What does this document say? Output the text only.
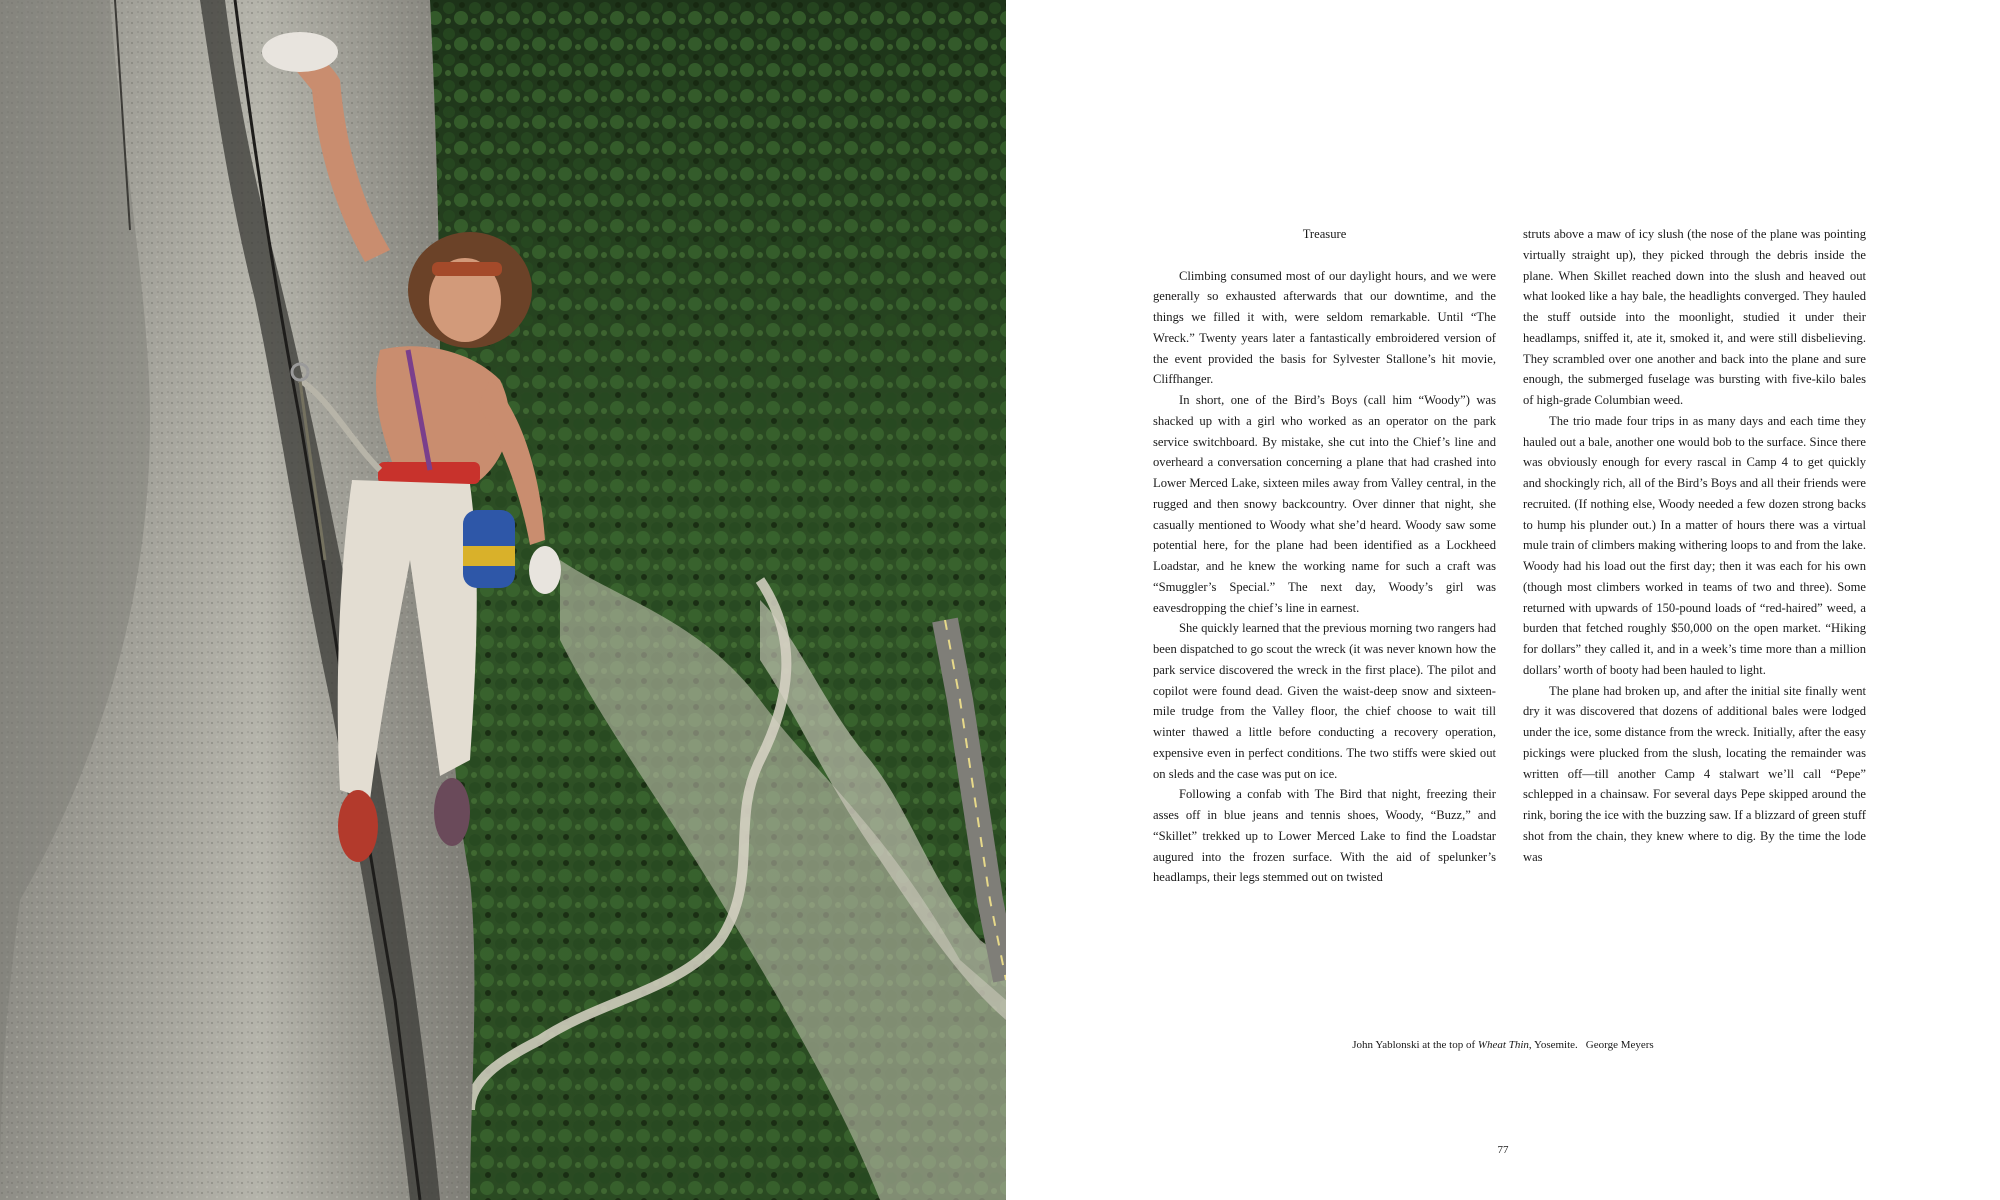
Treasure

Climbing consumed most of our daylight hours, and we were generally so exhausted afterwards that our downtime, and the things we filled it with, were seldom remarkable. Until “The Wreck.” Twenty years later a fantastically embroidered version of the event provided the basis for Sylvester Stallone’s hit movie, Cliffhanger.

In short, one of the Bird’s Boys (call him “Woody”) was shacked up with a girl who worked as an operator on the park service switchboard. By mistake, she cut into the Chief’s line and overheard a conversation concerning a plane that had crashed into Lower Merced Lake, sixteen miles away from Valley central, in the rugged and then snowy backcountry. Over dinner that night, she casually mentioned to Woody what she’d heard. Woody saw some potential here, for the plane had been identified as a Lockheed Loadstar, and he knew the working name for such a craft was “Smuggler’s Special.” The next day, Woody’s girl was eavesdropping the chief’s line in earnest.

She quickly learned that the previous morning two rangers had been dispatched to go scout the wreck (it was never known how the park service discovered the wreck in the first place). The pilot and copilot were found dead. Given the waist-deep snow and sixteen-mile trudge from the Valley floor, the chief choose to wait till winter thawed a little before conducting a recovery operation, expensive even in perfect conditions. The two stiffs were skied out on sleds and the case was put on ice.

Following a confab with The Bird that night, freezing their asses off in blue jeans and tennis shoes, Woody, “Buzz,” and “Skillet” trekked up to Lower Merced Lake to find the Loadstar augured into the frozen surface. With the aid of spelunker’s headlamps, their legs stemmed out on twisted

struts above a maw of icy slush (the nose of the plane was pointing virtually straight up), they picked through the debris inside the plane. When Skillet reached down into the slush and heaved out what looked like a hay bale, the headlights converged. They hauled the stuff outside into the moonlight, studied it under their headlamps, sniffed it, ate it, smoked it, and were still disbelieving. They scrambled over one another and back into the plane and sure enough, the submerged fuselage was bursting with five-kilo bales of high-grade Columbian weed.

The trio made four trips in as many days and each time they hauled out a bale, another one would bob to the surface. Since there was obviously enough for every rascal in Camp 4 to get quickly and shockingly rich, all of the Bird’s Boys and all their friends were recruited. (If nothing else, Woody needed a few dozen strong backs to hump his plunder out.) In a matter of hours there was a virtual mule train of climbers making withering loops to and from the lake. Woody had his load out the first day; then it was each for his own (though most climbers worked in teams of two and three). Some returned with upwards of 150-pound loads of “red-haired” weed, a burden that fetched roughly $50,000 on the open market. “Hiking for dollars” they called it, and in a week’s time more than a million dollars’ worth of booty had been hauled to light.

The plane had broken up, and after the initial site finally went dry it was discovered that dozens of additional bales were lodged under the ice, some distance from the wreck. Initially, after the easy pickings were plucked from the slush, locating the remainder was written off—till another Camp 4 stalwart we’ll call “Pepe” schlepped in a chainsaw. For several days Pepe skipped around the rink, boring the ice with the buzzing saw. If a blizzard of green stuff shot from the chain, they knew where to dig. By the time the lode was

John Yablonski at the top of Wheat Thin, Yosemite. George Meyers
77
